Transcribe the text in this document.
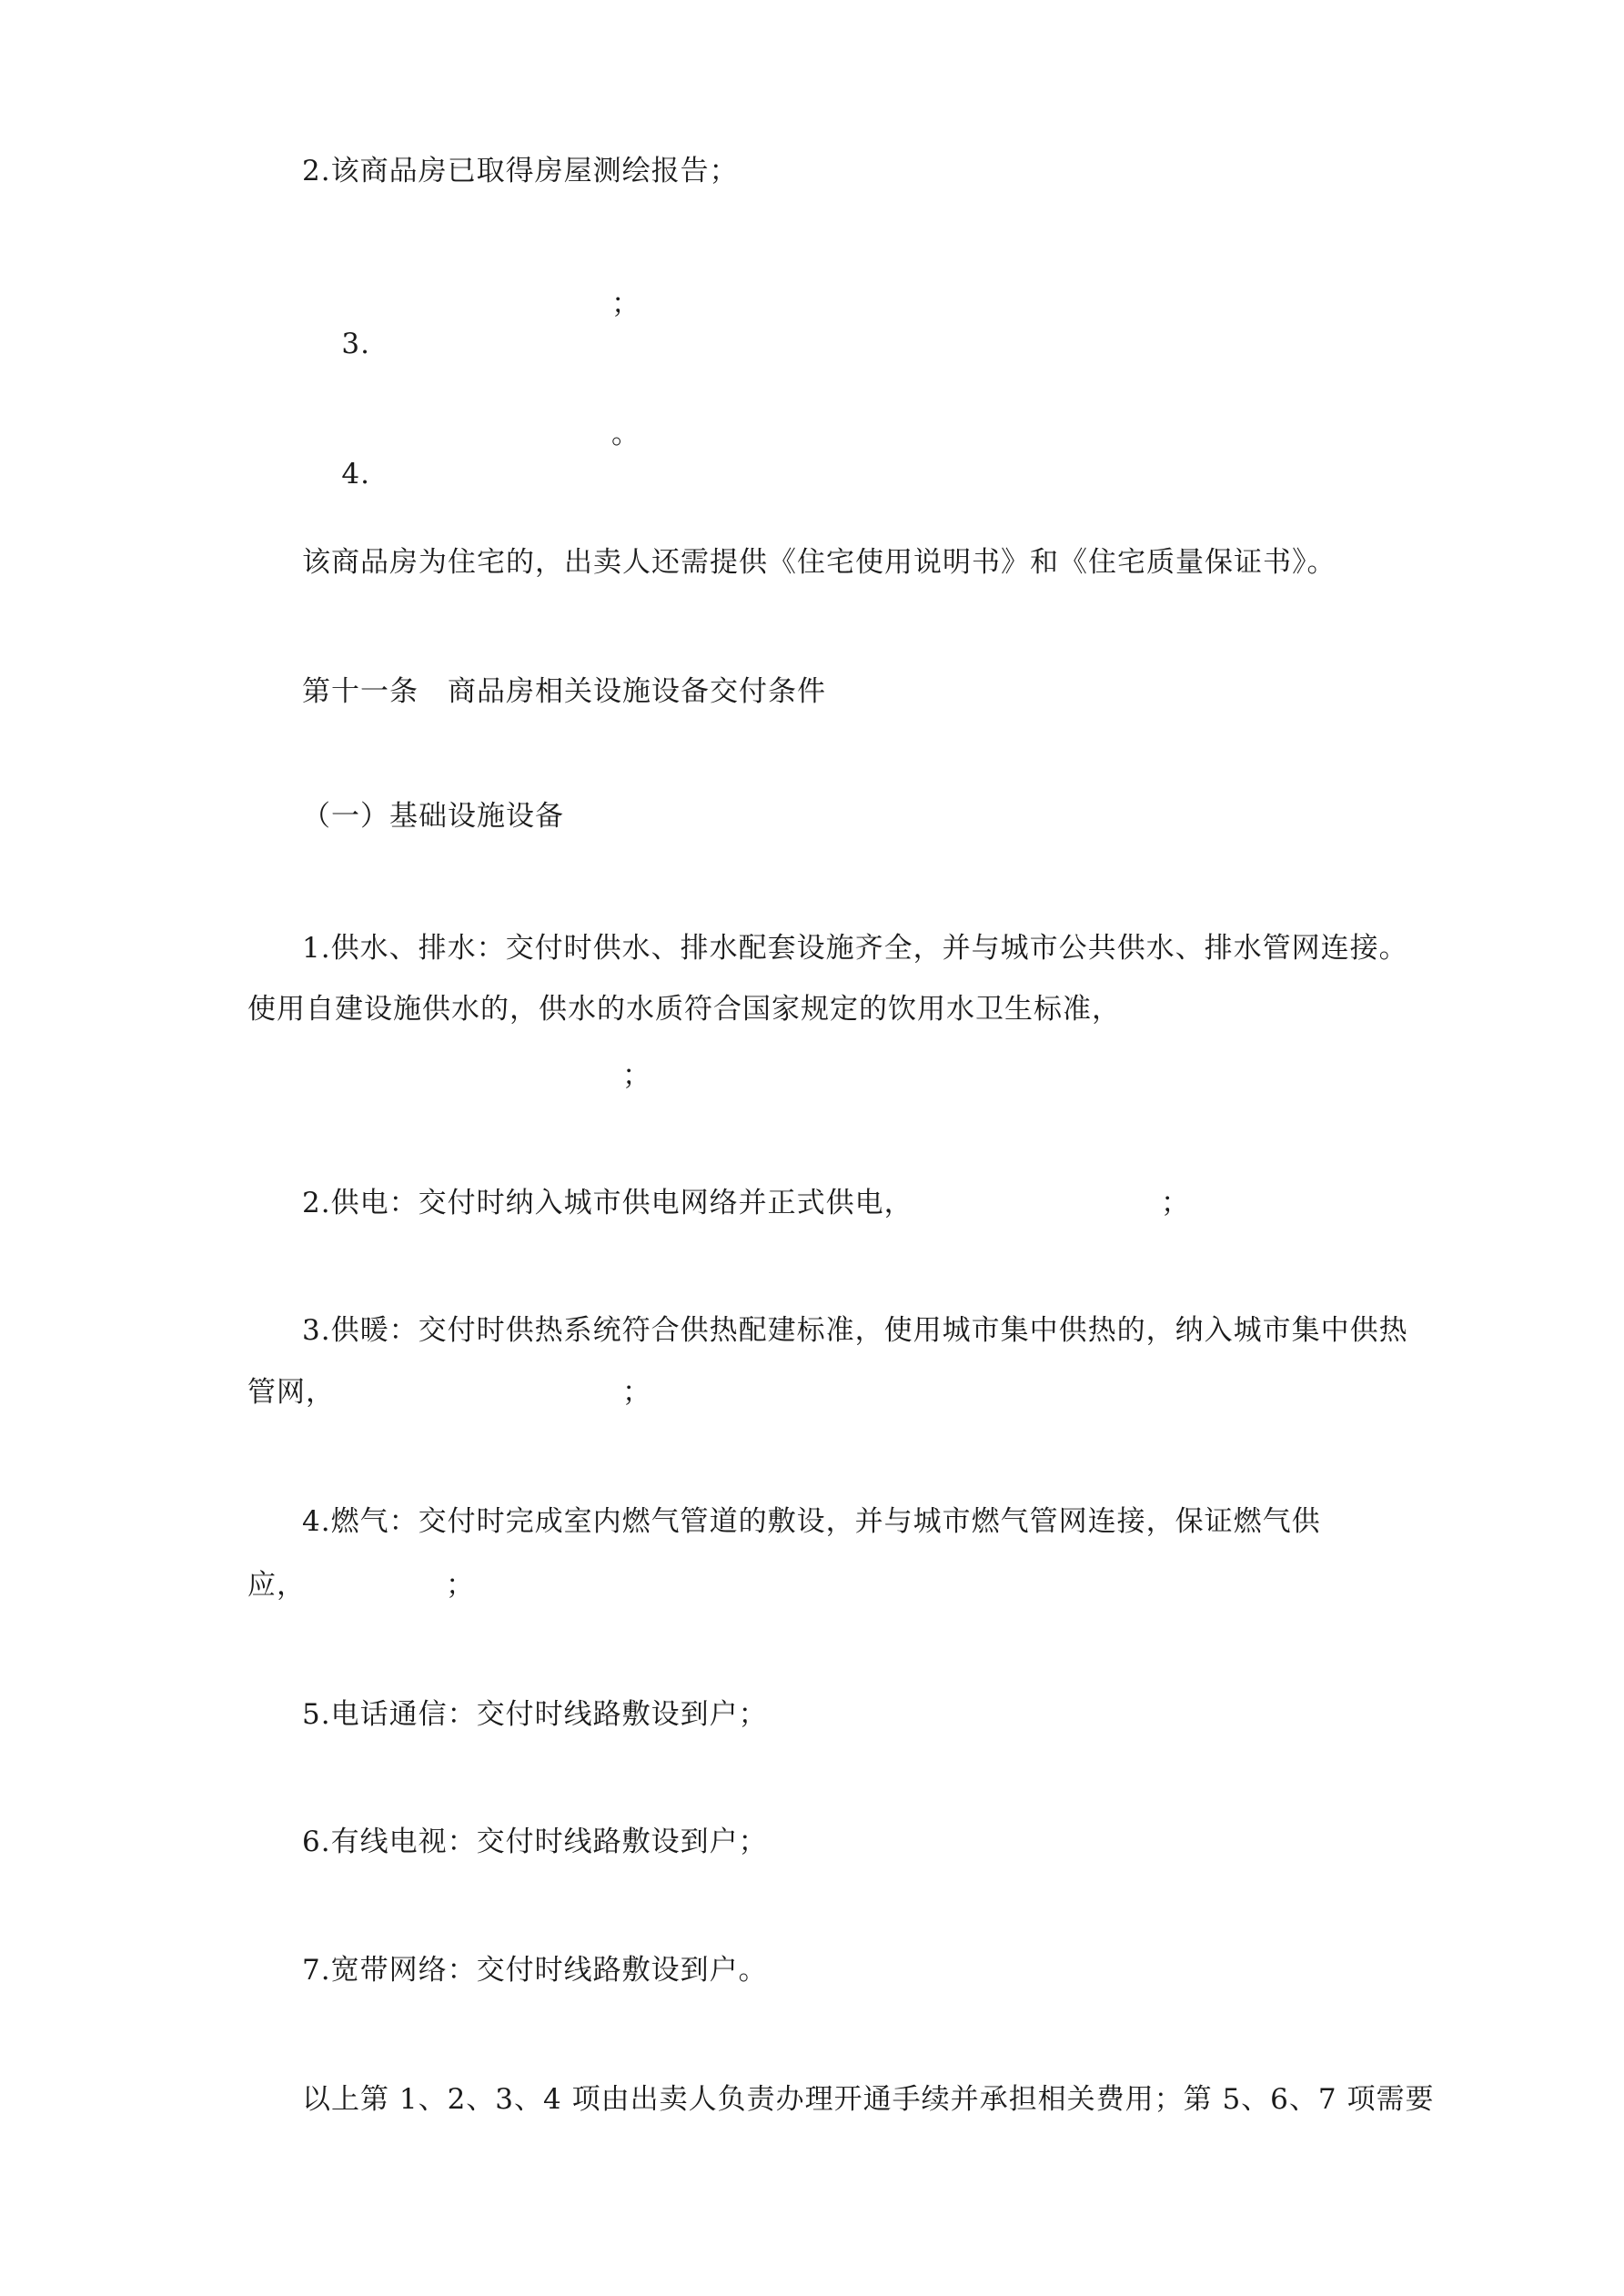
2.该商品房已取得房屋测绘报告；

3.

；

4.

。

该商品房为住宅的，出卖人还需提供《住宅使用说明书》和《住宅质量保证书》。

第十一条　商品房相关设施设备交付条件

（一）基础设施设备

1.供水、排水：交付时供水、排水配套设施齐全，并与城市公共供水、排水管网连接。

使用自建设施供水的，供水的水质符合国家规定的饮用水卫生标准，

；
2.供电：交付时纳入城市供电网络并正式供电，	；

3.供暖：交付时供热系统符合供热配建标准，使用城市集中供热的，纳入城市集中供热

管网，	；

4.燃气：交付时完成室内燃气管道的敷设，并与城市燃气管网连接，保证燃气供

应，	；

5.电话通信：交付时线路敷设到户；

6.有线电视：交付时线路敷设到户；

7.宽带网络：交付时线路敷设到户。

以上第 1、2、3、4 项由出卖人负责办理开通手续并承担相关费用；第 5、6、7 项需要
